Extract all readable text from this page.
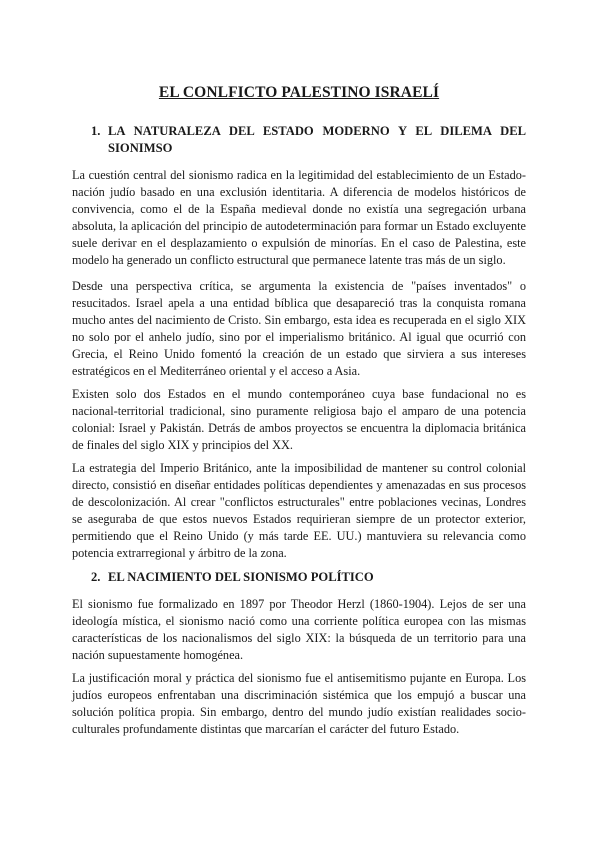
EL CONLFICTO PALESTINO ISRAELÍ
1. LA NATURALEZA DEL ESTADO MODERNO Y EL DILEMA DEL SIONIMSO

La cuestión central del sionismo radica en la legitimidad del establecimiento de un Estado-nación judío basado en una exclusión identitaria. A diferencia de modelos históricos de convivencia, como el de la España medieval donde no existía una segregación urbana absoluta, la aplicación del principio de autodeterminación para formar un Estado excluyente suele derivar en el desplazamiento o expulsión de minorías. En el caso de Palestina, este modelo ha generado un conflicto estructural que permanece latente tras más de un siglo.

Desde una perspectiva crítica, se argumenta la existencia de "países inventados" o resucitados. Israel apela a una entidad bíblica que desapareció tras la conquista romana mucho antes del nacimiento de Cristo. Sin embargo, esta idea es recuperada en el siglo XIX no solo por el anhelo judío, sino por el imperialismo británico. Al igual que ocurrió con Grecia, el Reino Unido fomentó la creación de un estado que sirviera a sus intereses estratégicos en el Mediterráneo oriental y el acceso a Asia.

Existen solo dos Estados en el mundo contemporáneo cuya base fundacional no es nacional-territorial tradicional, sino puramente religiosa bajo el amparo de una potencia colonial: Israel y Pakistán. Detrás de ambos proyectos se encuentra la diplomacia británica de finales del siglo XIX y principios del XX.

La estrategia del Imperio Británico, ante la imposibilidad de mantener su control colonial directo, consistió en diseñar entidades políticas dependientes y amenazadas en sus procesos de descolonización. Al crear "conflictos estructurales" entre poblaciones vecinas, Londres se aseguraba de que estos nuevos Estados requirieran siempre de un protector exterior, permitiendo que el Reino Unido (y más tarde EE. UU.) mantuviera su relevancia como potencia extrarregional y árbitro de la zona.

2. EL NACIMIENTO DEL SIONISMO POLÍTICO

El sionismo fue formalizado en 1897 por Theodor Herzl (1860-1904). Lejos de ser una ideología mística, el sionismo nació como una corriente política europea con las mismas características de los nacionalismos del siglo XIX: la búsqueda de un territorio para una nación supuestamente homogénea.

La justificación moral y práctica del sionismo fue el antisemitismo pujante en Europa. Los judíos europeos enfrentaban una discriminación sistémica que los empujó a buscar una solución política propia. Sin embargo, dentro del mundo judío existían realidades socio-culturales profundamente distintas que marcarían el carácter del futuro Estado.
